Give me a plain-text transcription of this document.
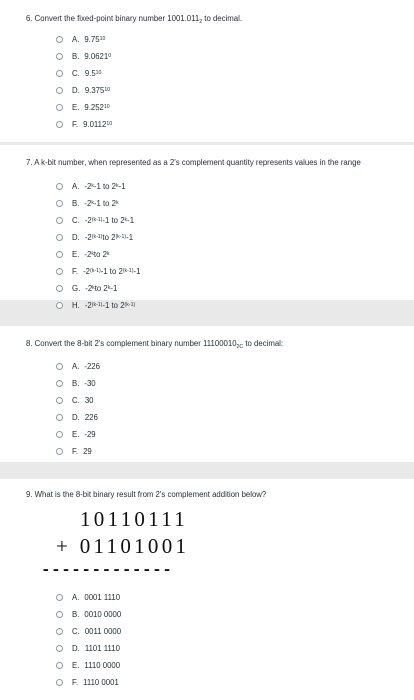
6. Convert the fixed-point binary number $1001.011_2$ to decimal.
A. 9.75 10
B. 9.0621 0
C. 9.5 10
D. 9.375 10
E. 9.252 10
F. 9.0112 10
7. A k-bit number, when represented as a 2's complement quantity represents values in the range
A. -2 k -1 to 2 k -1
B. -2 k -1 to 2 k
C. -2 (k-1) -1 to 2 k -1
D. -2 (k-1) to 2 (k-1) -1
E. -2 k to 2 k
F. -2 (k-1) -1 to 2 (k-1) -1
G. -2 k to 2 k -1
H. -2 (k-1) -1 to 2 (k-1)
8. Convert the 8-bit 2's complement binary number $11100010_{2C}$ to decimal:
A. -226
B. -30
C. 30
D. 226
E. -29
F. 29
9. What is the 8-bit binary result from 2's complement addition below?
10110111
+ 01101001
-------------
A. 0001 1110
B. 0010 0000
C. 0011 0000
D. 1101 1110
E. 1110 0000
F. 1110 0001
